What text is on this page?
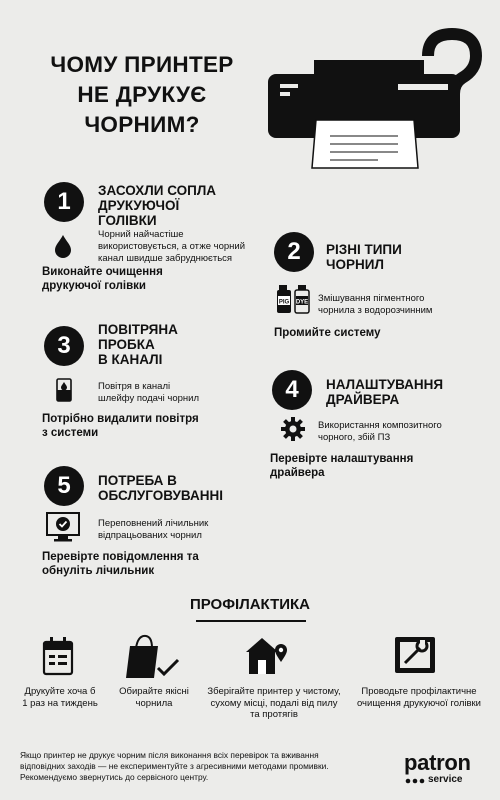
ЧОМУ ПРИНТЕР
НЕ ДРУКУЄ
ЧОРНИМ?
1	ЗАСОХЛИ СОПЛА
ДРУКУЮЧОЇ
ГОЛІВКИ
Чорний найчастіше
використовується, а отже чорний
канал швидше забруднюється
Виконайте очищення
друкуючої голівки
2	РІЗНІ ТИПИ
ЧОРНИЛ
PIG DYE Змішування пігментного
чорнила з водорозчинним
Промийте систему
3
ПОВІТРЯНА
ПРОБКА
В КАНАЛІ
Повітря в каналі
шлейфу подачі чорнил
Потрібно видалити повітря
з системи
4	НАЛАШТУВАННЯ
ДРАЙВЕРА
Використання композитного
чорного, збій ПЗ
Перевірте налаштування
драйвера
5	ПОТРЕБА В
ОБСЛУГОВУВАННІ
Переповнений лічильник
відпрацьованих чорнил
Перевірте повідомлення та
обнуліть лічильник
ПРОФІЛАКТИКА
Друкуйте хоча б
1 раз на тиждень
Обирайте якісні
чорнила
Зберігайте принтер у чистому,
сухому місці, подалі від пилу
та протягів
Проводьте профілактичне
очищення друкуючої голівки
Якщо принтер не друкує чорним після виконання всіх перевірок та вживання
відповідних заходів — не експериментуйте з агресивними методами промивки.
Рекомендуємо звернутись до сервісного центру.
patron
service
